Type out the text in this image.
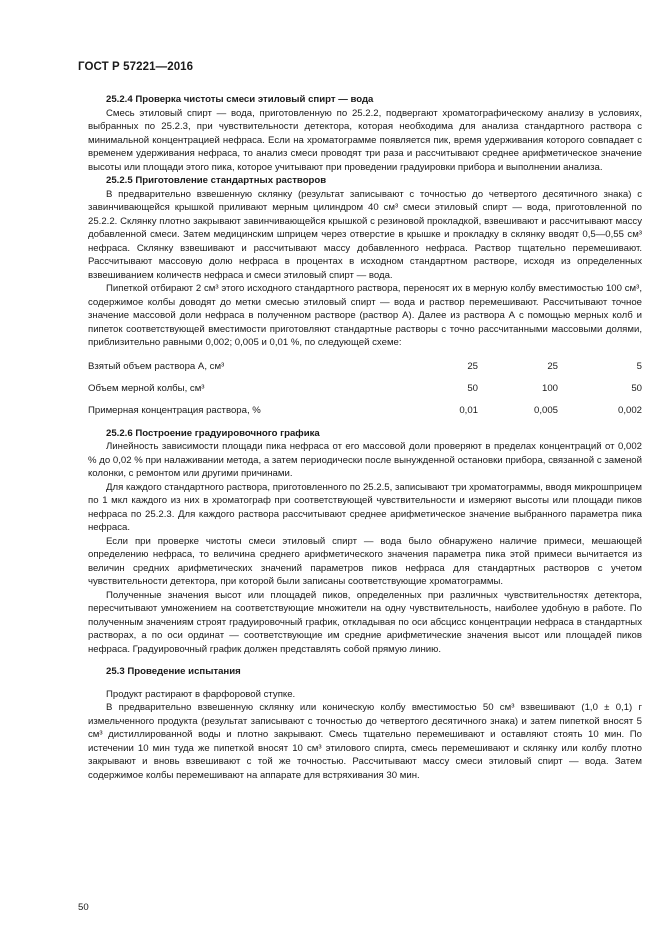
ГОСТ Р 57221—2016

25.2.4 Проверка чистоты смеси этиловый спирт — вода

Смесь этиловый спирт — вода, приготовленную по 25.2.2, подвергают хроматографическому анализу в условиях, выбранных по 25.2.3, при чувствительности детектора, которая необходима для анализа стандартного раствора с минимальной концентрацией нефраса. Если на хроматограмме появляется пик, время удерживания которого совпадает с временем удерживания нефраса, то анализ смеси проводят три раза и рассчитывают среднее арифметическое значение высоты или площади этого пика, которое учитывают при проведении градуировки прибора и выполнении анализа.

25.2.5 Приготовление стандартных растворов

В предварительно взвешенную склянку (результат записывают с точностью до четвертого десятичного знака) с завинчивающейся крышкой приливают мерным цилиндром 40 см³ смеси этиловый спирт — вода, приготовленной по 25.2.2. Склянку плотно закрывают завинчивающейся крышкой с резиновой прокладкой, взвешивают и рассчитывают массу добавленной смеси. Затем медицинским шприцем через отверстие в крышке и прокладку в склянку вводят 0,5—0,55 см³ нефраса. Склянку взвешивают и рассчитывают массу добавленного нефраса. Раствор тщательно перемешивают. Рассчитывают массовую долю нефраса в процентах в исходном стандартном растворе, исходя из определенных взвешиванием количеств нефраса и смеси этиловый спирт — вода.

Пипеткой отбирают 2 см³ этого исходного стандартного раствора, переносят их в мерную колбу вместимостью 100 см³, содержимое колбы доводят до метки смесью этиловый спирт — вода и раствор перемешивают. Рассчитывают точное значение массовой доли нефраса в полученном растворе (раствор А). Далее из раствора А с помощью мерных колб и пипеток соответствующей вместимости приготовляют стандартные растворы с точно рассчитанными массовыми долями, приблизительно равными 0,002; 0,005 и 0,01 %, по следующей схеме:

Взятый объем раствора А, см³	25	25	5
Объем мерной колбы, см³	50	100	50
Примерная концентрация раствора, %	0,01	0,005	0,002

25.2.6 Построение градуировочного графика

Линейность зависимости площади пика нефраса от его массовой доли проверяют в пределах концентраций от 0,002 % до 0,02 % при налаживании метода, а затем периодически после вынужденной остановки прибора, связанной с заменой колонки, с ремонтом или другими причинами.

Для каждого стандартного раствора, приготовленного по 25.2.5, записывают три хроматограммы, вводя микрошприцем по 1 мкл каждого из них в хроматограф при соответствующей чувствительности и измеряют высоты или площади пиков нефраса по 25.2.3. Для каждого раствора рассчитывают среднее арифметическое значение выбранного параметра пика нефраса.

Если при проверке чистоты смеси этиловый спирт — вода было обнаружено наличие примеси, мешающей определению нефраса, то величина среднего арифметического значения параметра пика этой примеси вычитается из величин средних арифметических значений параметров пиков нефраса для стандартных растворов с учетом чувствительности детектора, при которой были записаны соответствующие хроматограммы.

Полученные значения высот или площадей пиков, определенных при различных чувствительностях детектора, пересчитывают умножением на соответствующие множители на одну чувствительность, наиболее удобную в работе. По полученным значениям строят градуировочный график, откладывая по оси абсцисс концентрации нефраса в стандартных растворах, а по оси ординат — соответствующие им средние арифметические значения высот или площадей пиков нефраса. Градуировочный график должен представлять собой прямую линию.

25.3 Проведение испытания

Продукт растирают в фарфоровой ступке.

В предварительно взвешенную склянку или коническую колбу вместимостью 50 см³ взвешивают (1,0 ± 0,1) г измельченного продукта (результат записывают с точностью до четвертого десятичного знака) и затем пипеткой вносят 5 см³ дистиллированной воды и плотно закрывают. Смесь тщательно перемешивают и оставляют стоять 10 мин. По истечении 10 мин туда же пипеткой вносят 10 см³ этилового спирта, смесь перемешивают и склянку или колбу плотно закрывают и вновь взвешивают с той же точностью. Рассчитывают массу смеси этиловый спирт — вода. Затем содержимое колбы перемешивают на аппарате для встряхивания 30 мин.

50
